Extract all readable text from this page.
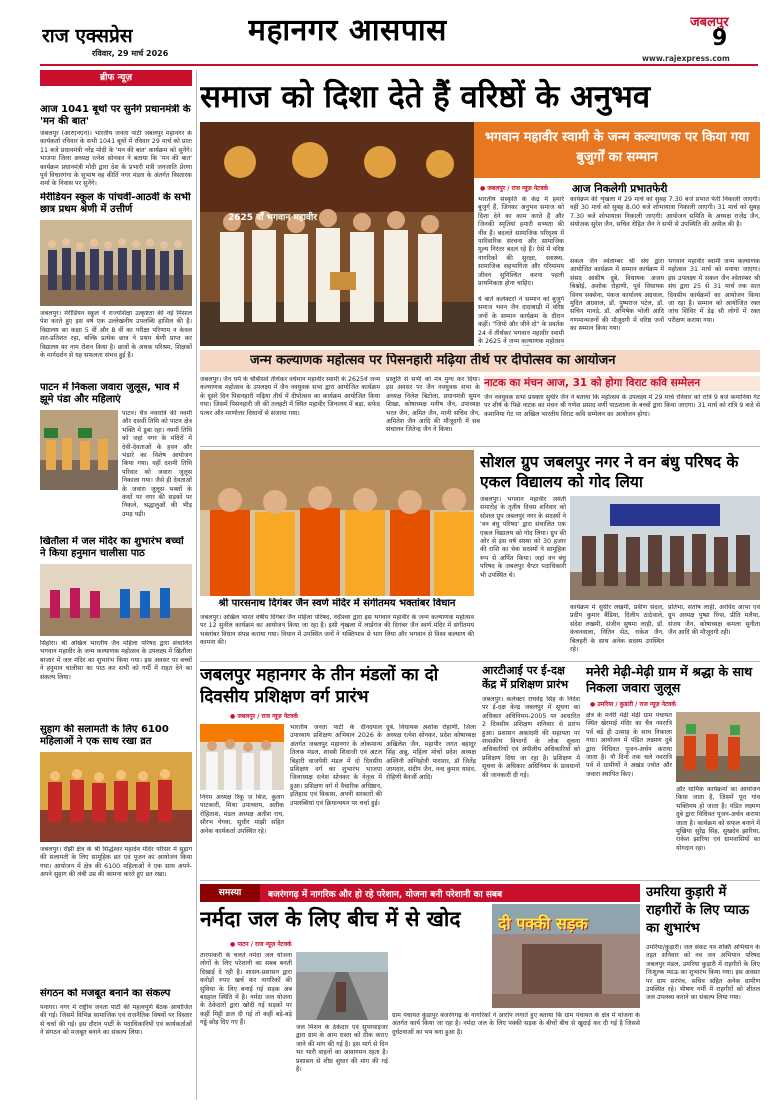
राज एक्सप्रेस
रविवार, 29 मार्च 2026
महानगर आसपास	जबलपुर
9
www.rajexpress.com
ब्रीफ न्यूज़
आज 1041 बूथों पर सुनेंगे प्रधानमंत्री के 'मन की बात'
जबलपुर (आरएनएन)। भारतीय जनता पार्टी जबलपुर महानगर के कार्यकर्ता रविवार के सभी 1041 बूथों में रविवार 29 मार्च को प्रातः 11 बजे प्रधानमंत्री नरेंद्र मोदी के 'मन की बात' कार्यक्रम को सुनेंगे। भाजपा जिला अध्यक्ष रत्नेश सोनकर ने बताया कि 'मन की बात' कार्यक्रम प्रधानमंत्री मोदी द्वारा देश के प्रभारी मंत्री जनजाति प्रेरणा पूर्व विचारगंगा के सुभाष वह कीर्ति नगर मंडल के अंतर्गत विस्तारक शर्मा के निवास पर सुनेंगे।
मेरीडियन स्कूल के पांचवीं-आठवीं के सभी छात्र प्रथम श्रेणी में उत्तीर्ण
जबलपुर। मेरीडियन स्कूल ने राज्यशिक्षा उत्कृष्टता की नई मिसाल पेश करते हुए इस वर्ष एक उल्लेखनीय उपलब्धि हासिल की है। विद्यालय का कक्षा 5 वीं और 8 वीं का परीक्षा परिणाम न केवल शत-प्रतिशत रहा, बल्कि प्रत्येक छात्र ने प्रथम श्रेणी प्राप्त कर विद्यालय का नाम रोशन किया है। छात्रों के अथक परिश्रम, शिक्षकों के मार्गदर्शन से यह सफलता संभव हुई है।
पाटन में निकला जवारा जुलूस, भाव में झूमे पंडा और महिलाएं
पाटन। चैत्र नवरात्रि की नवमीं और दसवीं तिथि को पाटन क्षेत्र भक्ति में डूबा रहा। नवमीं तिथि को जहां नगर के मंदिरों में देवी-देवताओं के हवन और भंडारे का विशेष आयोजन किया गया। वहीं दशमी तिथि परिवार को जवारा जुलूस निकाला गया। जैसे ही देवताओं के जवारा जुलूस भक्तों के कंधों पर नगर की सड़कों पर निकले, श्रद्धालुओं की भीड़ उमड़ पड़ी।
खितौला में जल मंदिर का शुभारंभ बच्चों ने किया हनुमान चालीसा पाठ
सिहोरा। श्री अखिल भारतीय जैन महिला परिषद द्वारा संचालित भगवान महावीर के जन्म कल्याणक महोत्सव के उपलक्ष्य में खितौला बाजार में जल मंदिर का शुभारंभ किया गया। इस अवसर पर बच्चों ने हनुमान चालीसा का पाठ कर सभी को गर्मी में राहत देने का संकल्प लिया।
सुहाग की सलामती के लिए 6100 महिलाओं ने एक साथ रखा व्रत
जबलपुर। राँझी क्षेत्र के श्री सिद्धेश्वर महादेव मंदिर परिसर में सुहाग की सलामती के लिए सामूहिक व्रत एवं पूजन का आयोजन किया गया। आयोजन में क्षेत्र की 6100 महिलाओं ने एक साथ अपने-अपने सुहाग की लंबी उम्र की कामना करते हुए व्रत रखा।
संगठन को मजबूत बनाने का संकल्प
पनागर। नगर में राष्ट्रीय जनता पार्टी की महत्वपूर्ण बैठक आयोजित की गई। जिसमें विभिन्न सामाजिक एवं राजनैतिक विषयों पर विस्तार से चर्चा की गई। इस दौरान पार्टी के पदाधिकारियों एवं कार्यकर्ताओं ने संगठन को मजबूत बनाने का संकल्प लिया।
समाज को दिशा देते हैं वरिष्ठों के अनुभव
2625 वाँ भगवान महावीर
भगवान महावीर स्वामी के जन्म कल्याणक पर किया गया बुजुर्गों का सम्मान
● जबलपुर / राज न्यूज़ नेटवर्क
भारतीय संस्कृति के केंद्र में हमारे बुजुर्ग हैं, जिनका अनुभव समाज को दिशा देने का काम करते हैं और जिनकी स्मृतियां हमारी सभ्यता की नींव हैं। बदलते सामाजिक परिदृश्य में पारिवारिक संरचना और सामाजिक मूल्य निरंतर बदल रहे हैं। ऐसे में वरिष्ठ नागरिकों की सुरक्षा, स्वास्थ्य, सामाजिक सहभागिता और गरिमामय जीवन सुनिश्चित करना पहली प्राथमिकता होना चाहिए।
ये बातें कलेक्टरों ने सम्मान को बुजुर्ग समाज भवन जैन दादाबाड़ी में वरिष्ठ जनों के सम्मान कार्यक्रम के दौरान कहीं। "जियो और जीने दो" के प्रवर्तक 24 वें तीर्थंकर भगवान महावीर स्वामी के 2625 वें जन्म कल्याणक महोत्सव
आज निकलेगी प्रभातफेरी
कार्यक्रम की शृंखला में 29 मार्च को सुबह 7.30 बजे प्रभात फेरी निकाली जाएगी। वहीं 30 मार्च को सुबह 8.00 बजे शोभायात्रा निकाली जाएगी। 31 मार्च को सुबह 7.30 बजे शोभायात्रा निकाली जाएगी। आयोजन समिति के अध्यक्ष राजेंद्र जैन, संयोजक सुरेश जैन, सचिव रोहित जैन ने सभी से उपस्थिति की अपील की है।
सकल जैन श्वेताम्बर श्री संघ द्वारा आयोजित कार्यक्रम में सम्मान कार्यक्रम में संसद आशीष दुबे, विधायक अजय बिश्नोई, अशोक रोहाणी, पूर्व विधायक विनय सक्सेना, पंकज कार्यालय अग्रवाल, मुदित अग्रवाल, डॉ. पुष्पराज पटेल, डॉ. सचिन मानडे, डॉ. अभिषेक भोली आदि गणमान्यजनों की मौजूदगी में वरिष्ठ जनों का सम्मान किया गया।
भगवान महावीर स्वामी जन्म कल्याणक महोत्सव 31 मार्च को मनाया जाएगा। इस उपलक्ष्य में सकल जैन श्वेताम्बर श्री संघ द्वारा 25 से 31 मार्च तक सात दिवसीय कार्यक्रमों का आयोजन किया जा रहा है। सम्मान को आयोजित रक्त जांच शिविर में डेढ़ सौ लोगों में रक्त परीक्षण कराया गया।
जन्म कल्याणक महोत्सव पर पिसनहारी मढ़िया तीर्थ पर दीपोत्सव का आयोजन
जबलपुर। जैन धर्म के चौबीसवें तीर्थंकर वर्धमान महावीर स्वामी के 2625वें जन्म कल्याणक महोत्सव के उपलक्ष्य में जैन नवयुवक सभा द्वारा आयोजित कार्यक्रम के दूसरे दिन पिसनहारी मढ़िया तीर्थ में दीपोत्सव का कार्यक्रम आयोजित किया गया। जिसमें पिसनहारी जी की तलहटी में स्थित महावीर जिनालय में बड़ा, सफेद पत्थर और मरणोत्तर विधानों से सजाया गया।
प्रस्तुति से सभी को मंत्र मुग्ध कर दिया। इस अवसर पर जैन नवयुवक सभा के अध्यक्ष निलेश बिटोला, प्रधानमंत्री सुमन शिखा, कोषाध्यक्ष मनीष जैन, उपाध्यक्ष भरत जैन, अमित जैन, मानी सचिव जैन, अमितेश जैन आदि की मौजूदगी में सब संचालन जितेन्द्र जैन ने किया।
नाटक का मंचन आज, 31 को होगा विराट कवि सम्मेलन
जैन नवयुवक सभा प्रवक्ता सुधीर जैन ने बताया कि महोत्सव के उपलक्ष्य में 29 मार्च रविवार को रात्रि 9 बजे कमानिया गेट पर शीर्ष के पिछे नाटक का मंचन श्री गणेश प्रसाद वर्णी पाठशाला के बच्चों द्वारा किया जाएगा। 31 मार्च को रात्रि 9 बजे से कमानिया गेट पर अखिल भारतीय विराट कवि सम्मेलन का आयोजन होगा।
श्री पारसनाथ दिगंबर जैन स्वर्ण मंदिर में संगीतमय भक्तांबर विधान
जबलपुर। अखिल भारत वर्षीय दिगंबर जैन महिला परिषद, नंदीश्वर द्वारा इस भगवान महावीर के जन्म कल्याणक महोत्सव पर 12 सुनील कार्यक्रम का आयोजन किया जा रहा है। इसी शृंखला में लार्डगंज की दिगंबर जैन स्वर्ण मंदिर में संगीतमय भक्तांबर विधान संपन्न कराया गया। विधान में उपस्थित जनों ने भक्तिभाव से भाग लिया और भगवान से विश्व कल्याण की कामना की।
सोशल ग्रुप जबलपुर नगर ने वन बंधु परिषद के एकल विद्यालय को गोद लिया
जबलपुर। भगवान महावीर जयंती समारोह के तृतीय दिवस शनिवार को सोशल ग्रुप जबलपुर नगर के सदस्यों ने 'वन बंधु परिषद' द्वारा संचालित एक एकल विद्यालय को गोद लिया। ग्रुप की ओर से इस वर्ष संस्था को 30 हजार की राशि का चेक सदस्यों ने सामूहिक रूप से अर्पित किया। जहां वन बंधु परिषद के जबलपुर चैप्टर पदाधिकारी भी उपस्थित थे।
कार्यक्रम में सुधीर लखमी, प्रवीण संदल, प्रदीप कुमार बैंडिया, दिलीप ठाठेवाले, संदेश लखमी, संजीव सुषमा लाही, डॉ. कंचनवाला, नितिन सेठ, राकेश जैन, बिलहरी के साथ अनेक सदस्य उपस्थित रहे।
प्रतिभा, संतोष लाही, अरविंद आभा एवं ग्रुप अध्यक्ष पुष्प्रा रिंग्स, प्रीति मलैया, संजय जैन, कोषाध्यक्ष कमला सुनीता जैन आदि की मौजूदगी रही।
जबलपुर महानगर के तीन मंडलों का दो दिवसीय प्रशिक्षण वर्ग प्रारंभ
● जबलपुर / राज न्यूज़ नेटवर्क
भारतीय जनता पार्टी के दीनदयाल उपाध्याय प्रशिक्षण अभियान 2026 के अंतर्गत जबलपुर महानगर के लोकमान्य तिलक मंडल, शास्त्री शिवाजी एवं अटल बिहारी वाजपेयी मंडल में दो दिवसीय प्रशिक्षण वर्ग का शुभारंभ भाजपा जिलाध्यक्ष रत्नेश सोनकर के नेतृत्व में हुआ। प्रशिक्षण वर्ग में वैचारिक अधिष्ठान, इतिहास एवं विकास, अपनी सरकारों की उपलब्धियां एवं क्रियान्वयन पर चर्चा हुई।
दुबे, विधायक अशोक रोहाणी, जिला अध्यक्ष रत्नेश सोनकर, प्रदेश कोषाध्यक्ष अखिलेश जैन, महापौर जगत बहादुर सिंह अन्नू, महिला मोर्चा प्रदेश अध्यक्ष अश्विनी अग्निहोत्री पाराशर, डॉ जितेंद्र जामदार, संदीप जैन, नन्द कुमार यादव, रोहिणी बैनर्जी आदि।
निगम अध्यक्ष रिंकू ज बिज, कुलग पाटकारी, मिथा उपाध्याय, अतीक रोहिताश, मंडल अध्यक्ष अतीश राय, सौरभ नेगवा, सुधीर मांझी सहित अनेक कार्यकर्ता उपस्थित रहे।
आरटीआई पर ई-दक्ष केंद्र में प्रशिक्षण प्रारंभ
जबलपुर। कलेक्टर राघवेंद्र सिंह के निर्देश पर ई-दक्ष केन्द्र जबलपुर में सूचना का अधिकार अधिनियम-2005 पर आधारित 2 दिवसीय प्रशिक्षण शनिवार से प्रारंभ हुआ। प्रशासन अकादमी की सहायता पर शासकीय विभागों के लोक सूचना अधिकारियों एवं अपीलीय अधिकारियों को प्रशिक्षण दिया जा रहा है। प्रशिक्षण में सूचना के अधिकार अधिनियम के प्रावधानों की जानकारी दी गई।
मनेरी मेढ़ी-मेढ़ी ग्राम में श्रद्धा के साथ निकला जवारा जुलूस
● उमरिया / कुडारी / राज न्यूज़ नेटवर्क
क्षेत्र के मनेरी मेढ़ी मेढ़ी ग्राम पंचायत स्थित खेरमाई मंदिर का चैत्र नवरात्रि पर्व बड़े ही उत्साह के साथ निकाला गया। आयोजन में पंडित लक्ष्मण दुबे द्वारा विधिवत पूजन-अर्चन कराया जाता है। नौ दिनों तक चले नवरात्रि पर्व में ग्रामीणों ने अखंड ज्योत और जवारा स्थापित किए।
और धार्मिक कार्यक्रमों का आयोजन किया जाता है, जिसमें पूरा गांव भक्तिमय हो जाता है। पंडित लक्ष्मण दुबे द्वारा विधिवत पूजन-अर्चन कराया जाता है। कार्यक्रम को सफल बनाने में मुखिया सुरेंद्र सिंह, सुखदेव झारिया, राकेश झारिया एवं ग्रामवासियों का योगदान रहा।
समस्या	बजरंगगढ़ में नागरिक और हो रहे परेशान, योजना बनी परेशानी का सबब
नर्मदा जल के लिए बीच में से खोद	दी पक्की सड़क
● पाटन / राज न्यूज़ नेटवर्क
तारपाकरी के चलते नर्मदा जल योजना लोगों के लिए परेशानी का सबब बनती दिखाई दे रही है। शासन-प्रशासन द्वारा करोड़ों रुपए खर्च कर नागरिकों की सुविधा के लिए बनाई गई सड़क अब बदहाल स्थिति में है। नर्मदा जल योजना के ठेकेदारों द्वारा खोदी गई सड़कों पर कहीं मिट्टी डाल दी गई तो कहीं बड़े-बड़े गड्ढे छोड़ दिए गए हैं।
जल मिशन के ठेकेदार एवं सुपरवाइजर द्वारा ग्राम के आम रास्ता को ठीक कराए जाने की मांग की गई है। इस मार्ग से दिन भर भारी वाहनों का आवागमन रहता है। प्रशासन से शीघ्र सुधार की मांग की गई है।
ग्राम पंचायत कुंडापुर बजरंगगढ़ के नागरिकों ने आरोप लगाते हुए बताया कि ग्राम पंचायत के क्षेत्र में योजना के अंतर्गत कार्य किया जा रहा है। नर्मदा जल के लिए पक्की सड़क के बीचों बीच से खुदाई कर दी गई है जिससे दुर्घटनाओं का भय बना हुआ है।
उमरिया कुड़ारी में राहगीरों के लिए प्याऊ का शुभारंभ
उमरिया/कुड़ारी। जल संकट नव शक्ति अभियान के तहत शनिवार को नव जन अभियान परिषद जबलपुर मंडल, उमरिया कुड़ारी में राहगीरों के लिए निःशुल्क प्याऊ का शुभारंभ किया गया। इस अवसर पर ग्राम सरपंच, सचिव सहित अनेक ग्रामीण उपस्थित रहे। भीषण गर्मी में राहगीरों को शीतल जल उपलब्ध कराने का संकल्प लिया गया।
